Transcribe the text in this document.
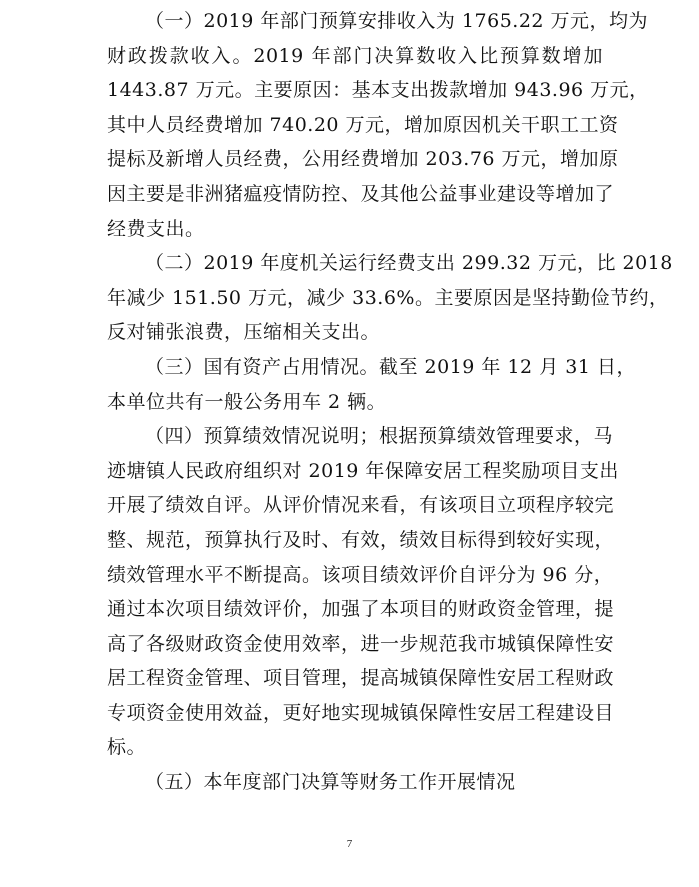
（一）2019 年部门预算安排收入为 1765.22 万元，均为
财政拨款收入。2019 年部门决算数收入比预算数增加
1443.87 万元。主要原因：基本支出拨款增加 943.96 万元，
其中人员经费增加 740.20 万元，增加原因机关干职工工资
提标及新增人员经费，公用经费增加 203.76 万元，增加原
因主要是非洲猪瘟疫情防控、及其他公益事业建设等增加了
经费支出。
（二）2019 年度机关运行经费支出 299.32 万元，比 2018
年减少 151.50 万元，减少 33.6%。主要原因是坚持勤俭节约，
反对铺张浪费，压缩相关支出。
（三）国有资产占用情况。截至 2019 年 12 月 31 日，
本单位共有一般公务用车 2 辆。
（四）预算绩效情况说明；根据预算绩效管理要求，马
迹塘镇人民政府组织对 2019 年保障安居工程奖励项目支出
开展了绩效自评。从评价情况来看，有该项目立项程序较完
整、规范，预算执行及时、有效，绩效目标得到较好实现，
绩效管理水平不断提高。该项目绩效评价自评分为 96 分，
通过本次项目绩效评价，加强了本项目的财政资金管理，提
高了各级财政资金使用效率，进一步规范我市城镇保障性安
居工程资金管理、项目管理，提高城镇保障性安居工程财政
专项资金使用效益，更好地实现城镇保障性安居工程建设目
标。
（五）本年度部门决算等财务工作开展情况
7
